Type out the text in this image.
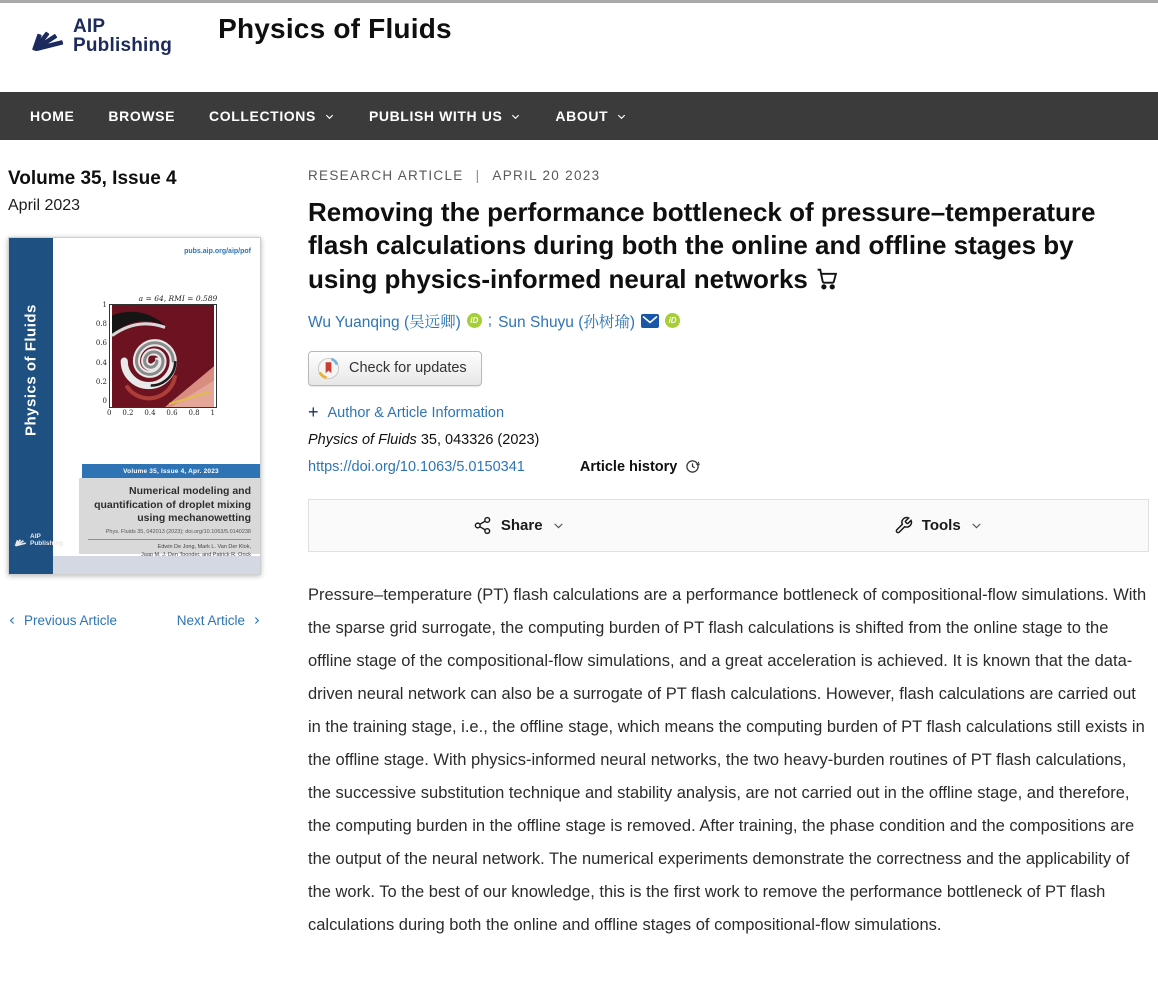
AIP
Publishing
Physics of Fluids
HOME BROWSE COLLECTIONS	PUBLISH WITH US	ABOUT
Volume 35, Issue 4
April 2023
Physics of Fluids
pubs.aip.org/aip/pof
a = 64, RMI = 0.589
1
0.8
0.6
0.4
0.2
0
0 0.2 0.4 0.6 0.8 1
Volume 35, Issue 4, Apr. 2023
Numerical modeling and quantification of droplet mixing using mechanowetting
Phys. Fluids 35, 042013 (2023); doi.org/10.1063/5.0140238
Edwin De Jong, Mark L. Van Der Klok,
AIP
Publishing
Previous Article	Next Article
RESEARCH ARTICLE | APRIL 20 2023
Removing the performance bottleneck of pressure–temperature flash calculations during both the online and offline stages by using physics-informed neural networks
Wu Yuanqing (吴远卿)	iD ; Sun Shuyu (孙树瑜)	iD
Check for updates
+ Author & Article Information
Physics of Fluids 35, 043326 (2023)
https://doi.org/10.1063/5.0150341	Article history
Share	Tools

Pressure–temperature (PT) flash calculations are a performance bottleneck of compositional-flow simulations. With the sparse grid surrogate, the computing burden of PT flash calculations is shifted from the online stage to the offline stage of the compositional-flow simulations, and a great acceleration is achieved. It is known that the data-driven neural network can also be a surrogate of PT flash calculations. However, flash calculations are carried out in the training stage, i.e., the offline stage, which means the computing burden of PT flash calculations still exists in the offline stage. With physics-informed neural networks, the two heavy-burden routines of PT flash calculations, the successive substitution technique and stability analysis, are not carried out in the offline stage, and therefore, the computing burden in the offline stage is removed. After training, the phase condition and the compositions are the output of the neural network. The numerical experiments demonstrate the correctness and the applicability of the work. To the best of our knowledge, this is the first work to remove the performance bottleneck of PT flash calculations during both the online and offline stages of compositional-flow simulations.
